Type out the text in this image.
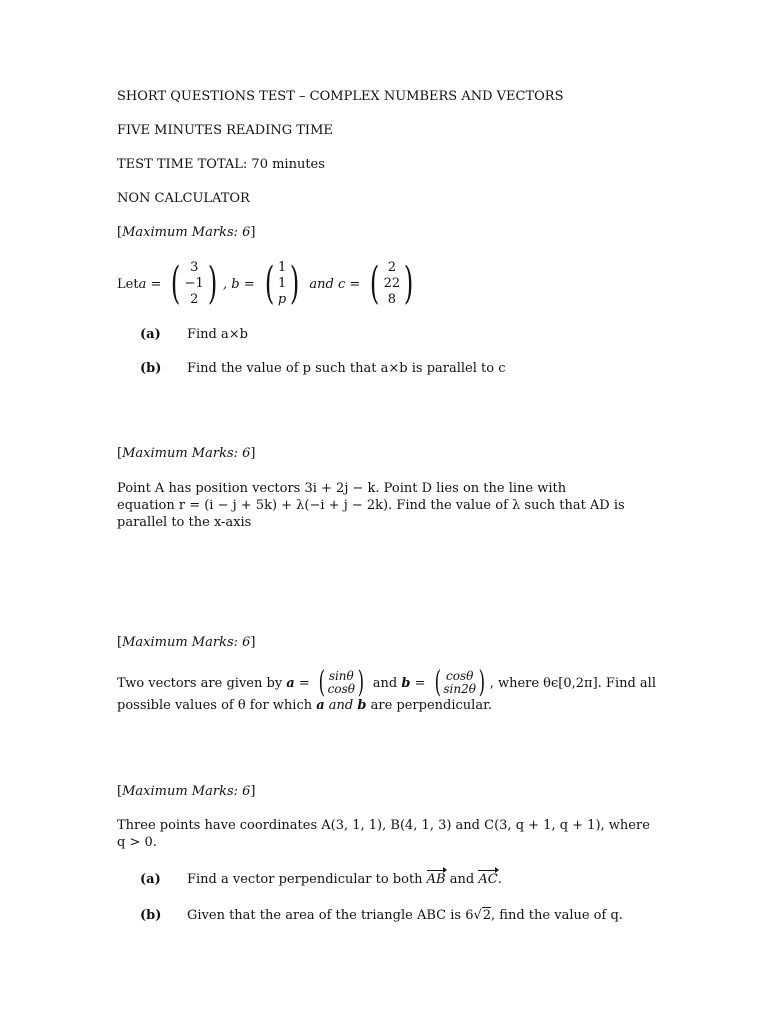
SHORT QUESTIONS TEST – COMPLEX NUMBERS AND VECTORS
FIVE MINUTES READING TIME
TEST TIME TOTAL: 70 minutes
NON CALCULATOR
[Maximum Marks: 6]
Let a = ( 3
−1
2 ) , b = ( 1
1
p ) and c = ( 2
22
8 )
(a) Find a×b
(b) Find the value of p such that a×b is parallel to c
[Maximum Marks: 6]
Point A has position vectors 3i + 2j − k. Point D lies on the line with
equation r = (i − j + 5k) + λ(−i + j − 2k). Find the value of λ such that AD is
parallel to the x-axis
[Maximum Marks: 6]
Two vectors are given by a = ( sinθ
cosθ ) and b = ( cosθ
sin2θ ) , where θϵ[0,2π]. Find all
possible values of θ for which a and b are perpendicular.
[Maximum Marks: 6]
Three points have coordinates A(3, 1, 1), B(4, 1, 3) and C(3, q + 1, q + 1), where
q > 0.
(a) Find a vector perpendicular to both AB and AC.
(b) Given that the area of the triangle ABC is 6√2, find the value of q.
